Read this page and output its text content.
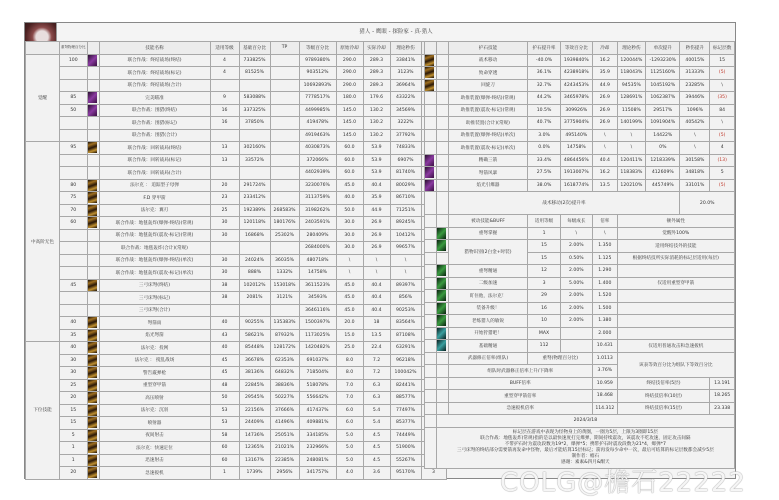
猎人 - 鹰眼 - 探险家 - 真·猎人
	重弩物理百分比		技能名称	适用等级	基础百分比	TP	等级百分比	原始冷却	实际冷却	理论秒伤	
觉醒	100		联合作战：终结战场(终结)	4	733825%		9789380%	290.0	289.3	33841%	
			联合作战：终结战场(标记)	4	81525%		903512%	290.0	289.3	3123%	
			联合作战：终结战场(合计)				10692893%	290.0	289.3	36964%	
	85		完美瞄准	9	583088%		7778517%	180.0	179.6	43322%	
	50		联合作战：围猎(终结)	16	337325%		4499985%	145.0	130.2	34569%	
			联合作战：围猎(标记)	16	37850%		419478%	145.0	130.2	3222%	
			联合作战：围猎(合计)				4919463%	145.0	130.2	37792%	
中高阶无色	95		联合作战：回转战局(终结)	13	302160%		4030873%	60.0	53.9	74833%	
			联合作战：回转战局(标记)	13	33572%		372066%	60.0	53.9	6907%	
			联合作战：回转战局(合计)				4402939%	60.0	53.9	81740%	
	80		法尔克 ： 追踪型子母弹	20	291724%		3230076%	45.0	40.4	80029%	
	75		F.D 穿甲箭	23	233412%		3113759%	40.0	35.9	86710%	
	70		法尔克：翼刃	25	192389%	268583%	3198262%	50.0	44.9	71251%	
	60		联合作战：地毯轰炸(爆弹-终结)(常规)	30	120118%	180176%	2403591%	30.0	26.9	89245%	
			联合作战：地毯轰炸(震攻-标记)(常规)	30	16868%	25302%	280409%	30.0	26.9	10412%	
			联合作战：地毯轰炸(合计)(常规)				2684000%	30.0	26.9	99657%	
			联合作战：地毯轰炸(爆弹-终结)(单次)	30	24024%	36035%	480718%	\	\	\	
			联合作战：地毯轰炸(震攻-标记)(单次)	30	888%	1332%	14758%	\	\	\	
	45		三弓床弩(终结)	38	102012%	153018%	3611523%	45.0	40.4	89397%	
			三弓床弩(标记)	38	2081%	3121%	34593%	45.0	40.4	856%	
			三弓床弩(合计)				3646116%	45.0	40.4	90253%	
	40		弩箭雨	40	90255%	135383%	1500397%	20.0	18	83564%	
	35		焰光弩箭	43	58621%	87932%	1173025%	15.0	13.5	87108%	
下位技能	40		法尔克：投网	40	85448%	128172%	1420482%	25.0	22.4	63291%	
	30		法尔克 ： 搅乱战场	45	36678%	62353%	691037%	8.0	7.2	96218%	
	30		警告霰弹枪	45	38136%	64832%	718504%	8.0	7.2	100042%	
	25		重型穿甲箭	48	22845%	38836%	518078%	7.0	6.3	82441%	
	20		高压喷射	50	29545%	50227%	556642%	7.0	6.3	88577%	
	15		法尔克：沉羽	53	22156%	37666%	417437%	6.0	5.4	77497%	
	15		喷射器	53	24409%	41496%	409881%	6.0	5.4	85377%	
	5		夜间射击	58	14736%	25051%	334185%	5.0	4.5	74449%	
	1		法尔克：快速定位	60	12365%	21021%	232966%	5.0	4.5	51900%	
	1		迅速射击	60	13167%	22385%	248081%	5.0	4.5	55267%	
	20		急速扳机	1	1739%	2956%	341757%	4.0	3.6	95170%	3
		护石技能	护石提升率	等效百分比	冷却	理论秒伤	单次提升	秒伤提升	标记层数

		战术移动	-40.0%	1939840%	16.2	120044%	-1293230%	40015%	15

		致命穿透	36.1%	4238918%	35.9	118043%	1125160%	31333%	(5)

		回旋刀	32.7%	4243453%	44.9	94535%	1045192%	23285%	\
		助推装置(爆弹-终结)(常规)	44.2%	3465978%	26.9	128691%	1062387%	39446%	(35)
		助推装置(震攻-标记)(常规)	10.5%	309926%	26.9	11508%	29517%	1096%	84
		助推装置(合计)(常规)	40.7%	3775904%	26.9	140199%	1091904%	40542%	\
		助推装置(爆弹-终结)(单次)	3.0%	495140%	\	\	14422%	\	(5)
		助推装置(震攻-标记)(单次)	0.0%	14758%	\	\	0%	\	4

		精确三箭	33.4%	4864456%	40.4	120411%	1218339%	30158%	(13)

		弩箭风暴	27.5%	1913007%	16.2	118383%	412609%	34818%	5

		焰光引爆器	38.0%	1618774%	13.5	120210%	445749%	33101%	(5)
		战术移动(2次)提升率						20.0%	
		被动技能&BUFF	适用等级	每级成长	倍率	额外属性			

	重弩掌握	1	\	\	觉醒外100%			

	猎物识别(2白金+时装)	15	2.00%	1.350	适用终结技外的技能			
			15	0.50%	1.125	根据终结技所实际消耗的标记层适用(每层)			

	重弩精通	12	2.00%	1.290				

	二级加速	3	5.00%	1.400	仅适用重型穿甲箭			

	盯住他，法尔克！	29	2.00%	1.520				

	装备升级！	16	2.00%	1.500				

	老练猎人的敏锐	10	2.00%	1.380				

	开始狩猎吧！	MAX		2.000				

	基础精通	112		10.431	仅适用普通攻击和急速扳机			
		武器修正倍率(组队)	重弩(物理百分比)		1.0113	该表等效百分比为组队下等效百分比			
		组队时武器修正倍率上升/下降率			3.76%				
		BUFF倍率			10.959	终结技倍率(5层)			13.191
		重型穿甲箭倍率			18.468	终结技倍率(10层)			18.265
		急速扳机倍率			114.312	终结技倍率(15层)			23.338
	2024/3/18								

标记层在游戏中表现为怪物身上的黄圈，一圈为5层，上限为3圈即15层
联合作战：地毯轰炸(常规)指的是以最快速度打完爆弹，期间持续震攻，该震攻不吃攻速，固定攻击间隔
不带护石时为震攻段数为19*2，爆弹*5；携带护石时震攻段数为21*4，爆弹*7
三弓床弩的终结部分需要箭再发命中怪物，最后才能结算15层标记；箭再发每少命中一次，最后可结算的标记层数都会减少5层
制作者：檐石
感谢：素素&四月&酣天
COLG@檐石22222
